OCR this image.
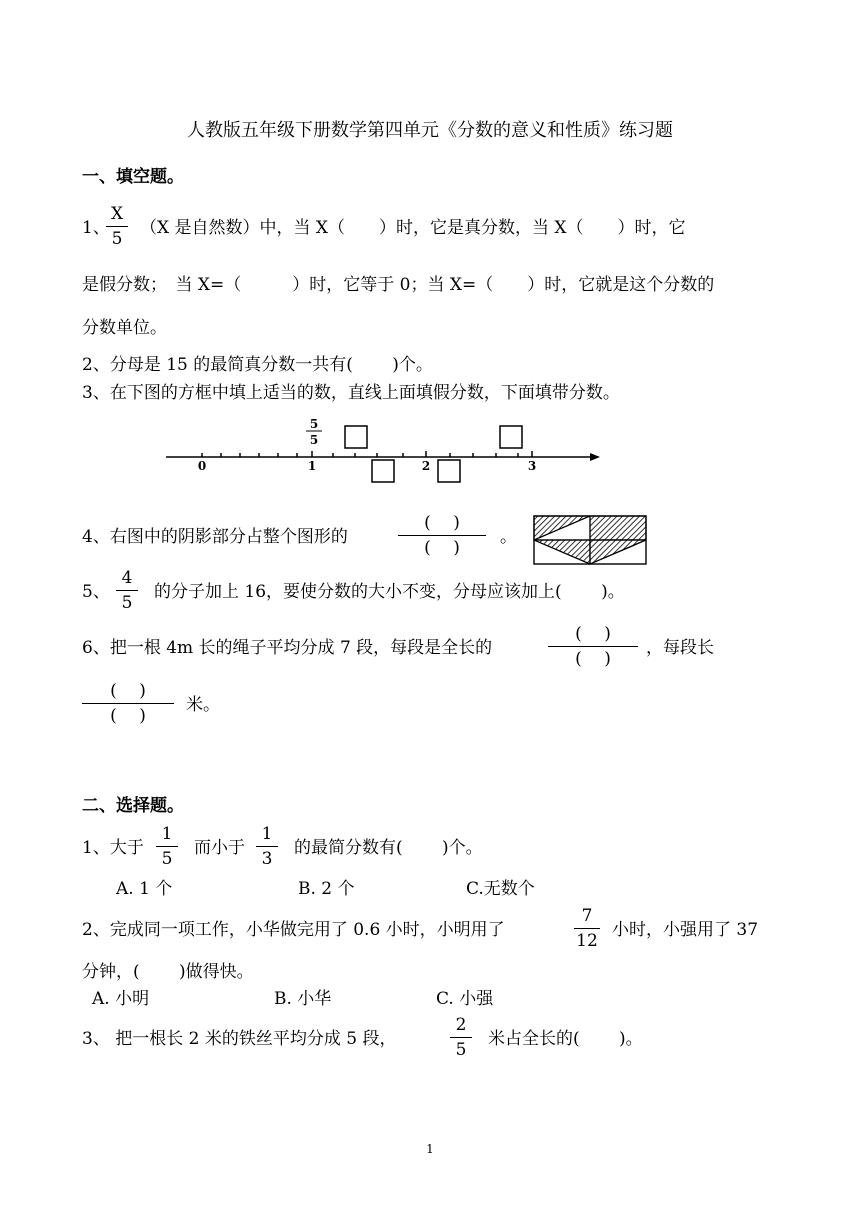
人教版五年级下册数学第四单元《分数的意义和性质》练习题
一、填空题。
1、
X
5
（X 是自然数）中，当 X（　　）时，它是真分数，当 X（　　）时，它
是假分数；　当 X=（　　　）时，它等于 0；当 X=（　　）时，它就是这个分数的
分数单位。
2、分母是 15 的最简真分数一共有(　　 )个。
3、在下图的方框中填上适当的数，直线上面填假分数，下面填带分数。
0	1	2	3
5
5
4、右图中的阴影部分占整个图形的
(　 )
(　 )
。
5、
4
5
的分子加上 16，要使分数的大小不变，分母应该加上(　　 )。
6、把一根 4m 长的绳子平均分成 7 段，每段是全长的
(　 )
(　 )
，每段长
(　 )
(　 )
米。
二、选择题。
1、大于
1
5
而小于
1
3
的最简分数有(　　 )个。
A. 1 个	B. 2 个	C.无数个
2、完成同一项工作，小华做完用了 0.6 小时，小明用了
7
12
小时，小强用了 37
分钟，(　　 )做得快。
A. 小明	B. 小华	C. 小强
3、 把一根长 2 米的铁丝平均分成 5 段，
2
5
米占全长的(　　 )。
1
